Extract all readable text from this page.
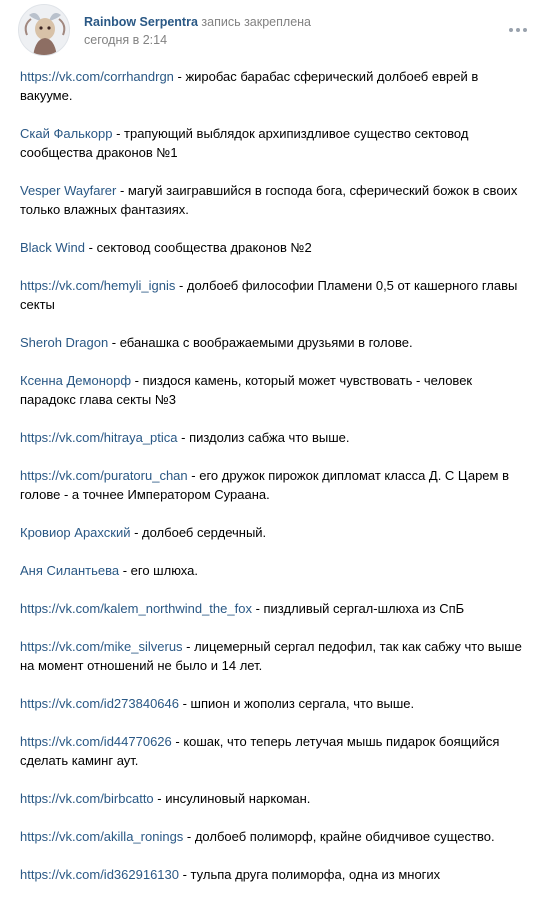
Rainbow Serpentra запись закреплена
сегодня в 2:14

https://vk.com/corrhandrgn - жиробас барабас сферический долбоеб еврей в вакууме.

Скай Фалькорр - трапующий выблядок архипиздливое существо сектовод сообщества драконов №1

Vesper Wayfarer - магуй заигравшийся в господа бога, сферический божок в своих только влажных фантазиях.

Black Wind - сектовод сообщества драконов №2

https://vk.com/hemyli_ignis - долбоеб философии Пламени 0,5 от кашерного главы секты

Sheroh Dragon - ебанашка с воображаемыми друзьями в голове.

Ксенна Демонорф - пиздося камень, который может чувствовать - человек парадокс глава секты №3

https://vk.com/hitraya_ptica - пиздолиз сабжа что выше.

https://vk.com/puratoru_chan - его дружок пирожок дипломат класса Д. С Царем в голове - а точнее Императором Сураана.

Кровиор Арахский - долбоеб сердечный.

Аня Силантьева - его шлюха.

https://vk.com/kalem_northwind_the_fox - пиздливый сергал-шлюха из СпБ

https://vk.com/mike_silverus - лицемерный сергал педофил, так как сабжу что выше на момент отношений не было и 14 лет.

https://vk.com/id273840646 - шпион и жополиз сергала, что выше.

https://vk.com/id44770626 - кошак, что теперь летучая мышь пидарок боящийся сделать каминг аут.

https://vk.com/birbcatto - инсулиновый наркоман.

https://vk.com/akilla_ronings - долбоеб полиморф, крайне обидчивое существо.

https://vk.com/id362916130 - тульпа друга полиморфа, одна из многих
